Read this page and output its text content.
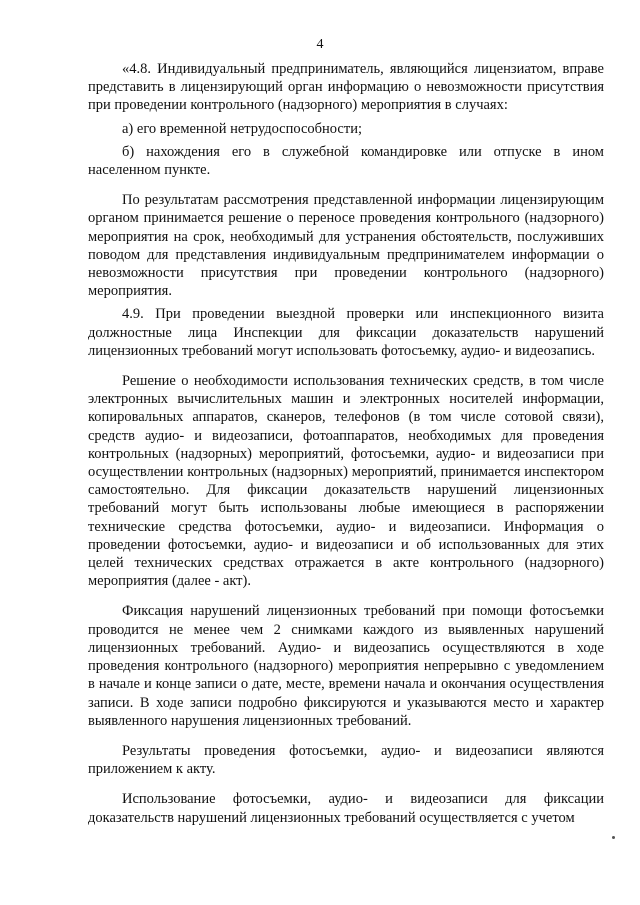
4

«4.8. Индивидуальный предприниматель, являющийся лицензиатом, вправе представить в лицензирующий орган информацию о невозможности присутствия при проведении контрольного (надзорного) мероприятия в случаях:

а) его временной нетрудоспособности;

б) нахождения его в служебной командировке или отпуске в ином населенном пункте.

По результатам рассмотрения представленной информации лицензирующим органом принимается решение о переносе проведения контрольного (надзорного) мероприятия на срок, необходимый для устранения обстоятельств, послуживших поводом для представления индивидуальным предпринимателем информации о невозможности присутствия при проведении контрольного (надзорного) мероприятия.

4.9. При проведении выездной проверки или инспекционного визита должностные лица Инспекции для фиксации доказательств нарушений лицензионных требований могут использовать фотосъемку, аудио- и видеозапись.

Решение о необходимости использования технических средств, в том числе электронных вычислительных машин и электронных носителей информации, копировальных аппаратов, сканеров, телефонов (в том числе сотовой связи), средств аудио- и видеозаписи, фотоаппаратов, необходимых для проведения контрольных (надзорных) мероприятий, фотосъемки, аудио- и видеозаписи при осуществлении контрольных (надзорных) мероприятий, принимается инспектором самостоятельно. Для фиксации доказательств нарушений лицензионных требований могут быть использованы любые имеющиеся в распоряжении технические средства фотосъемки, аудио- и видеозаписи. Информация о проведении фотосъемки, аудио- и видеозаписи и об использованных для этих целей технических средствах отражается в акте контрольного (надзорного) мероприятия (далее - акт).

Фиксация нарушений лицензионных требований при помощи фотосъемки проводится не менее чем 2 снимками каждого из выявленных нарушений лицензионных требований. Аудио- и видеозапись осуществляются в ходе проведения контрольного (надзорного) мероприятия непрерывно с уведомлением в начале и конце записи о дате, месте, времени начала и окончания осуществления записи. В ходе записи подробно фиксируются и указываются место и характер выявленного нарушения лицензионных требований.

Результаты проведения фотосъемки, аудио- и видеозаписи являются приложением к акту.

Использование фотосъемки, аудио- и видеозаписи для фиксации доказательств нарушений лицензионных требований осуществляется с учетом
